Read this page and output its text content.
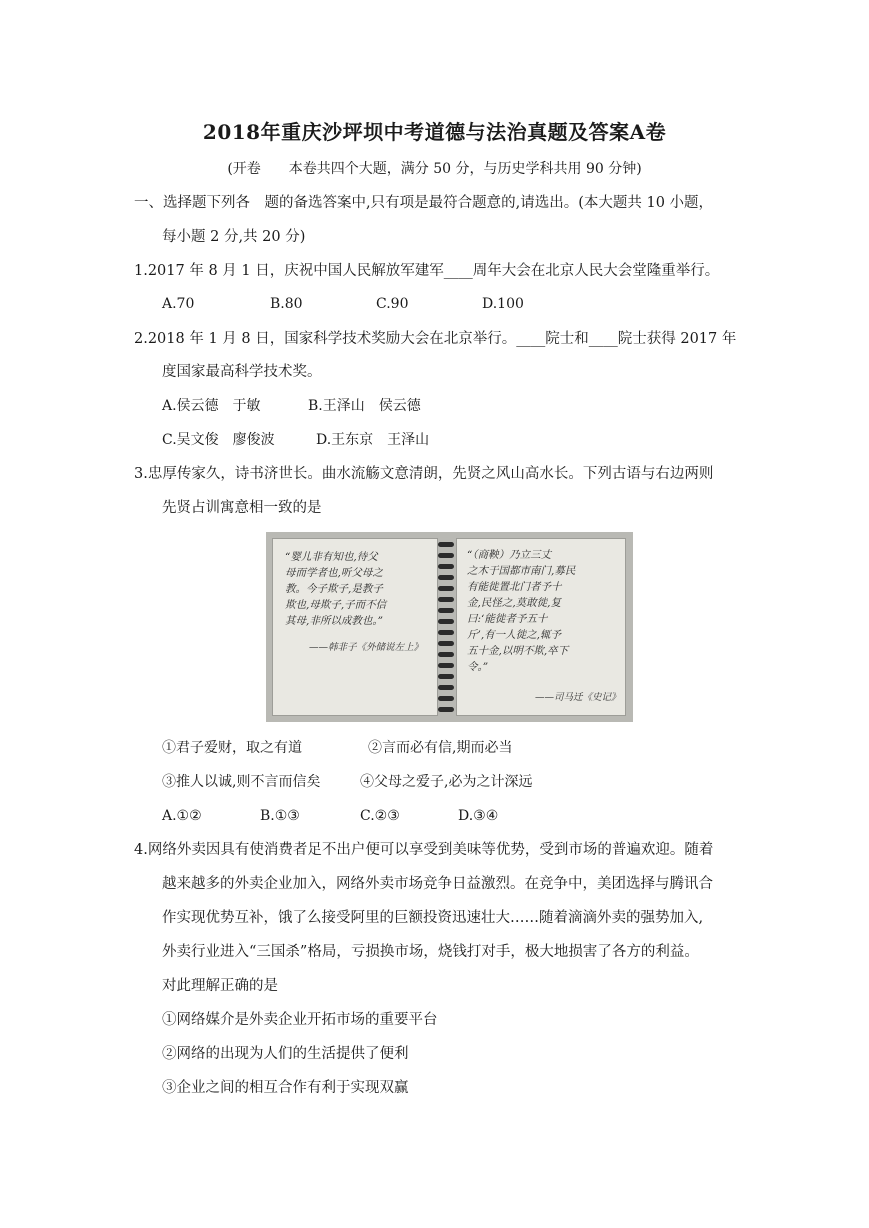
2018年重庆沙坪坝中考道德与法治真题及答案A卷
(开卷　　本卷共四个大题，满分 50 分，与历史学科共用 90 分钟)
一、选择题下列各　题的备选答案中,只有项是最符合题意的,请选出。(本大题共 10 小题，
每小题 2 分,共 20 分)
1.2017 年 8 月 1 日，庆祝中国人民解放军建军____周年大会在北京人民大会堂隆重举行。

A.70

	B.80

	C.90

	D.100

2.2018 年 1 月 8 日，国家科学技术奖励大会在北京举行。____院士和____院士获得 2017 年
度国家最高科学技术奖。

A.侯云德　于敏

	B.王泽山　侯云德

C.吴文俊　廖俊波

	D.王东京　王泽山

3.忠厚传家久，诗书济世长。曲水流觞文意清朗，先贤之风山高水长。下列古语与右边两则
先贤占训寓意相一致的是
“婴儿非有知也,待父
母而学者也,听父母之
教。今子欺子,是教子
欺也,母欺子,子而不信
其母,非所以成教也。”
——韩非子《外储说左上》
“（商鞅）乃立三丈
之木于国都市南门,募民
有能徙置北门者予十
金,民怪之,莫敢徙,复
曰:‘能徙者予五十
斤’,有一人徙之,辄予
五十金,以明不欺,卒下
令。”
——司马迁《史记》

①君子爱财，取之有道

	②言而必有信,期而必当

③推人以诚,则不言而信矣

	④父母之爱子,必为之计深远

A.①②

	B.①③

	C.②③

	D.③④

4.网络外卖因具有使消费者足不出户便可以享受到美味等优势，受到市场的普遍欢迎。随着
越来越多的外卖企业加入，网络外卖市场竞争日益激烈。在竞争中，美团选择与腾讯合
作实现优势互补，饿了么接受阿里的巨额投资迅速壮大……随着滴滴外卖的强势加入,
外卖行业进入“三国杀”格局，亏损换市场，烧钱打对手，极大地损害了各方的利益。
对此理解正确的是
①网络媒介是外卖企业开拓市场的重要平台
②网络的出现为人们的生活提供了便利
③企业之间的相互合作有利于实现双赢
